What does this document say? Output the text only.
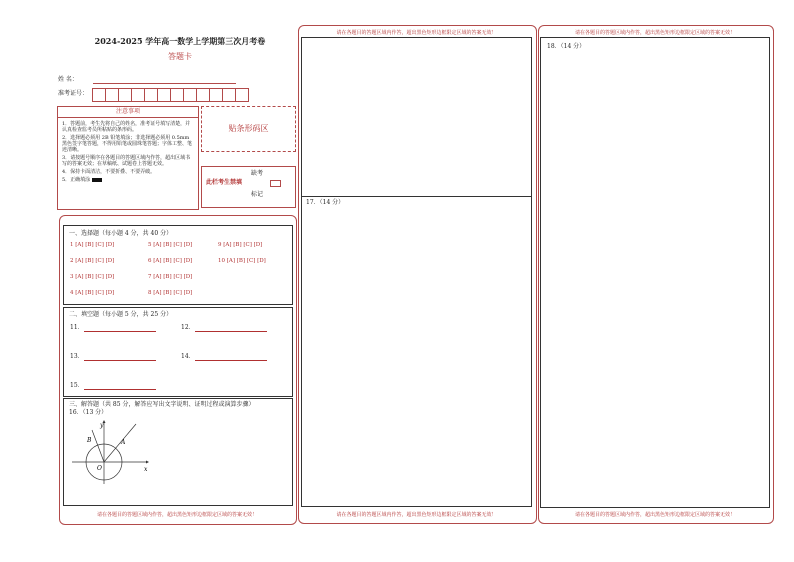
2024-2025 学年高一数学上学期第三次月考卷
答题卡
姓 名：
准考证号：
注意事项
1．答题前，考生先将自己的姓名，准考证号填写清楚，并认真检查监考员所粘贴的条形码。
2．选择题必须用 2B 铅笔填涂；非选择题必须用 0.5mm 黑色签字笔答题，不得用铅笔或圆珠笔答题；字体工整、笔迹清晰。
3．请按题号顺序在各题目的答题区域内作答，超出区域书写的答案无效；在草稿纸、试题卷上答题无效。
4．保持卡面清洁，不要折叠、不要弄破。
5．正确填涂
贴条形码区
缺考
此栏考生禁填
标记
一、选择题（每小题 4 分，共 40 分）
1 [A] [B] [C] [D]
2 [A] [B] [C] [D]
3 [A] [B] [C] [D]
4 [A] [B] [C] [D]
5 [A] [B] [C] [D]
6 [A] [B] [C] [D]
7 [A] [B] [C] [D]
8 [A] [B] [C] [D]
9 [A] [B] [C] [D]
10 [A] [B] [C] [D]
二、填空题（每小题 5 分，共 25 分）
11．	12．
13．	14．
15．
三、解答题（共 85 分，解答应写出文字说明、证明过程或演算步骤）
16．（13 分）
y
x
O
A
B
请在各题目的答题区域内作答，超出黑色矩形边框限定区域的答案无效！
请在各题目的答题区域内作答，超出黑色矩形边框限定区域的答案无效！
17．（14 分）
请在各题目的答题区域内作答，超出黑色矩形边框限定区域的答案无效！
请在各题目的答题区域内作答，超出黑色矩形边框限定区域的答案无效！
18．（14 分）
请在各题目的答题区域内作答，超出黑色矩形边框限定区域的答案无效！
